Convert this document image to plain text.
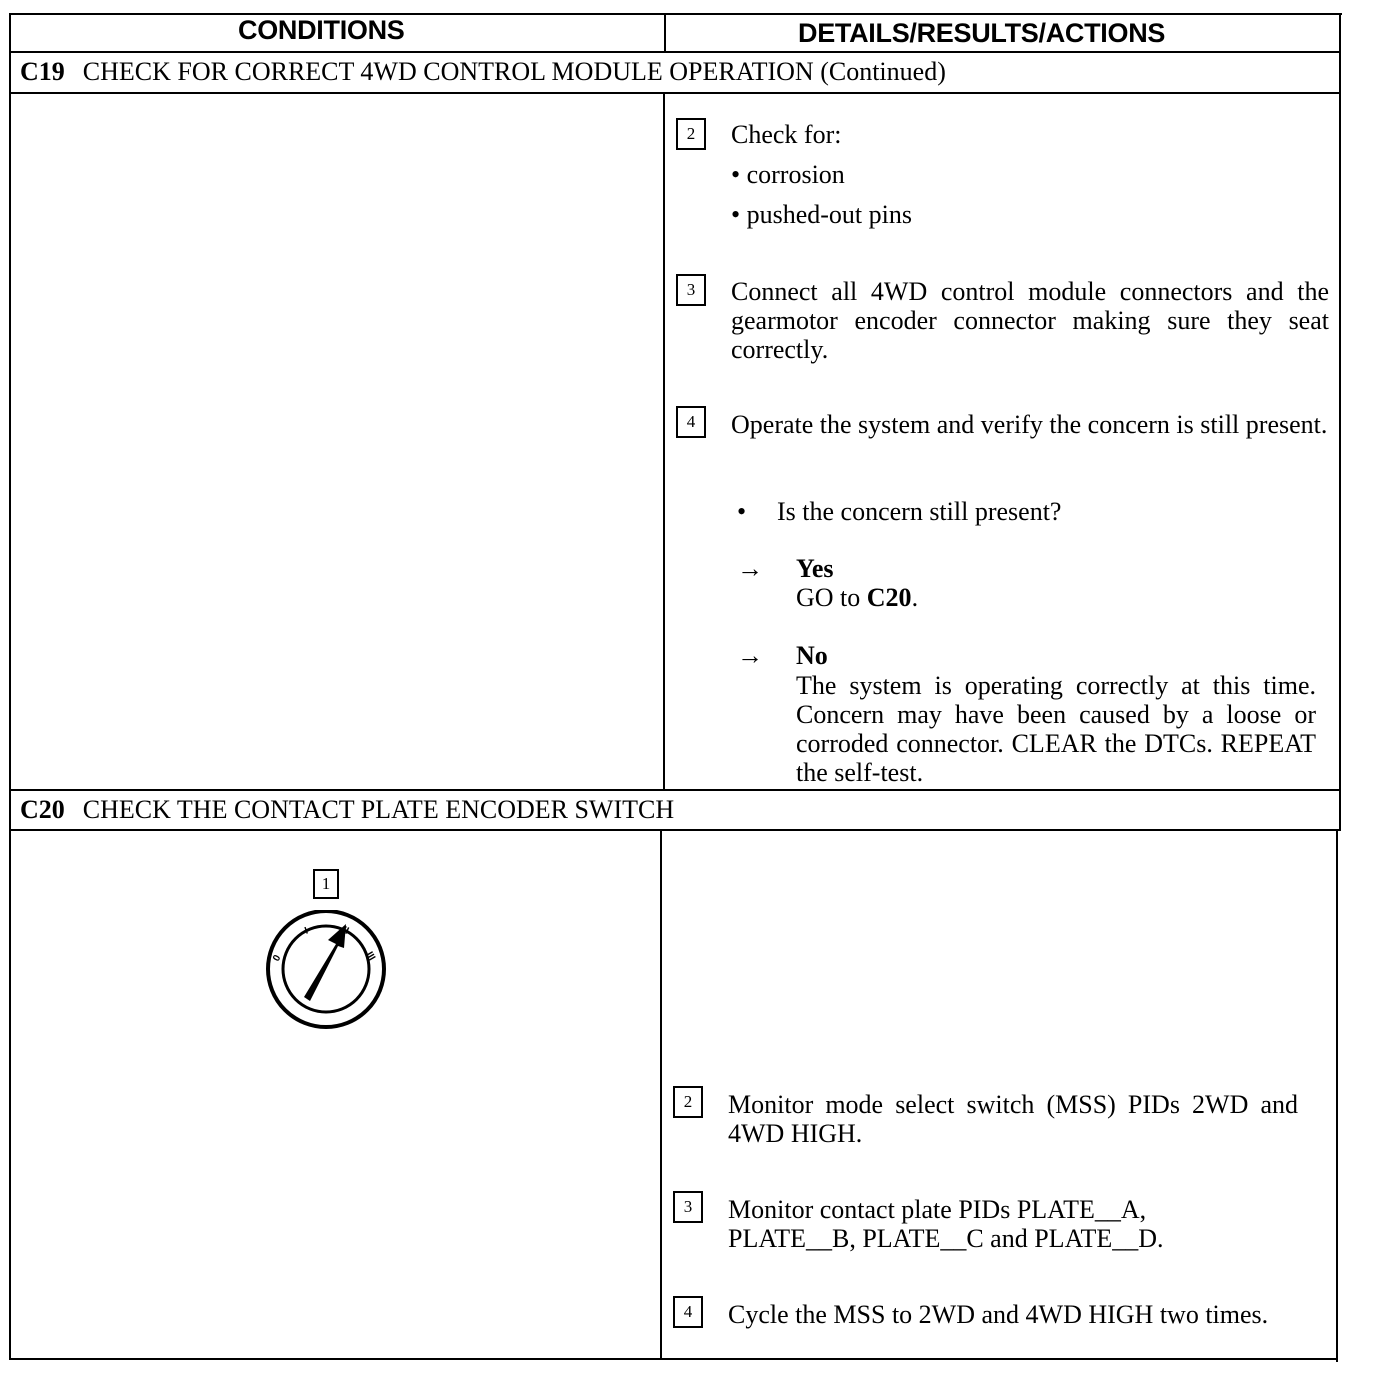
CONDITIONS	DETAILS/RESULTS/ACTIONS
C19 CHECK FOR CORRECT 4WD CONTROL MODULE OPERATION (Continued)
2	Check for:
• corrosion
• pushed-out pins
3	Connect all 4WD control module connectors and the gearmotor encoder connector making sure they seat correctly.
4	Operate the system and verify the concern is still present.
• Is the concern still present?
→ Yes
GO to C20.
→ No
The system is operating correctly at this time. Concern may have been caused by a loose or corroded connector. CLEAR the DTCs. REPEAT the self-test.
C20 CHECK THE CONTACT PLATE ENCODER SWITCH
1
0
I	II
III
2	Monitor mode select switch (MSS) PIDs 2WD and 4WD HIGH.
3	Monitor contact plate PIDs PLATE__A, PLATE__B, PLATE__C and PLATE__D.
4	Cycle the MSS to 2WD and 4WD HIGH two times.
